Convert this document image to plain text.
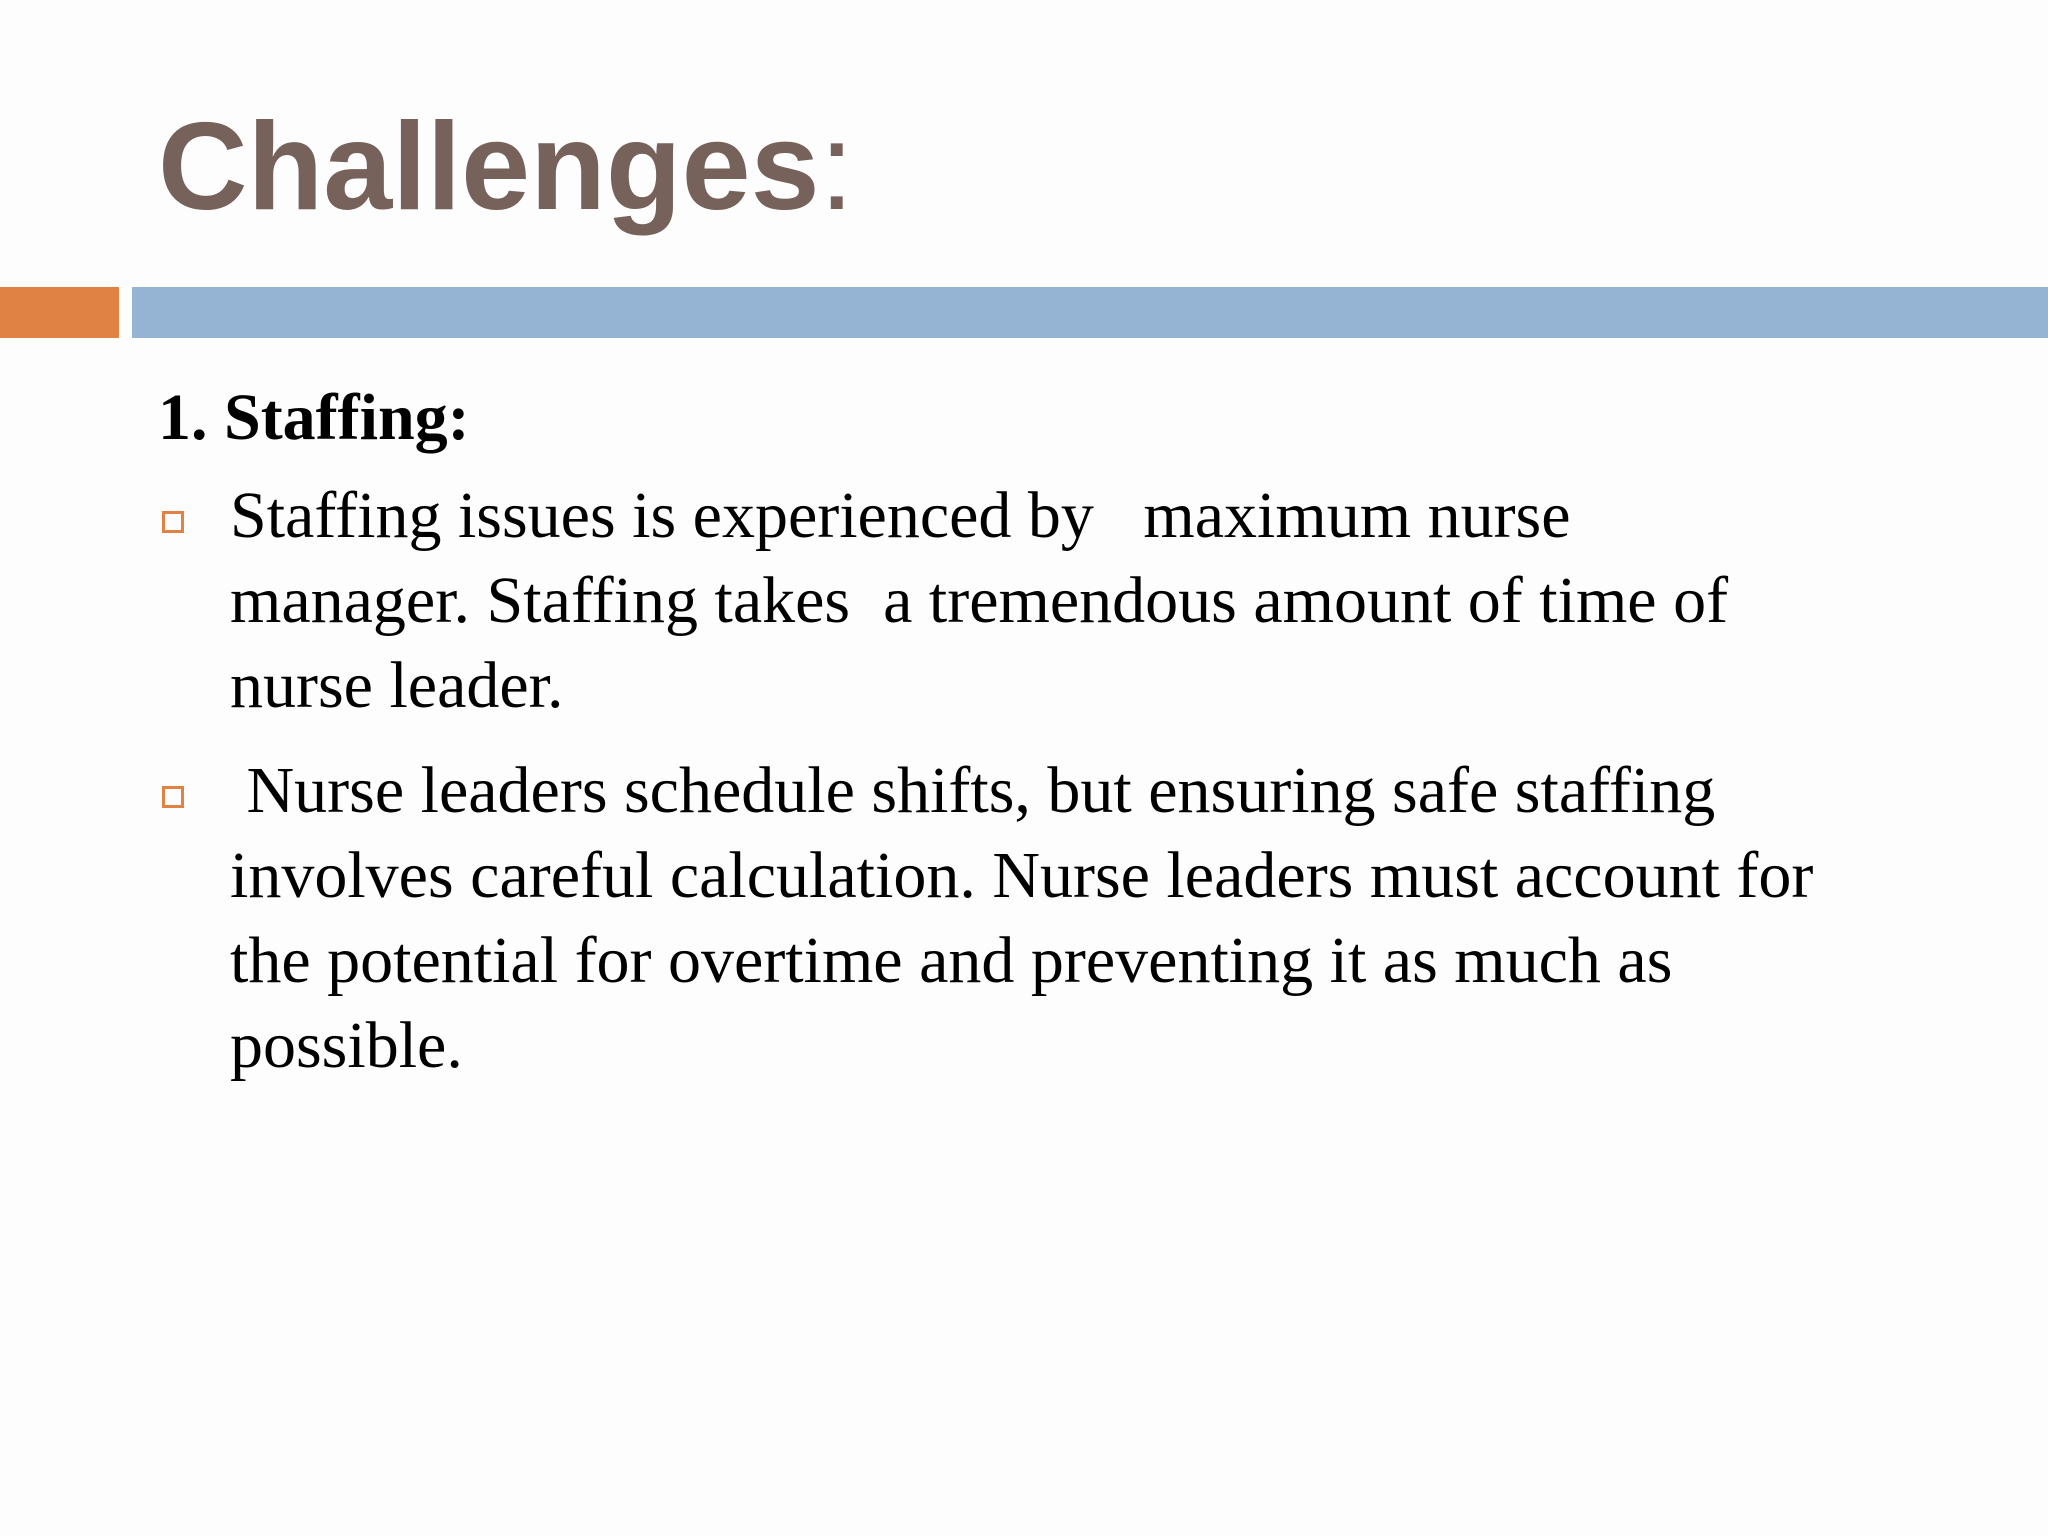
Challenges:
1. Staffing:
Staffing issues is experienced by   maximum nurse
manager. Staffing takes  a tremendous amount of time of
nurse leader.
Nurse leaders schedule shifts, but ensuring safe staffing
involves careful calculation. Nurse leaders must account for
the potential for overtime and preventing it as much as
possible.
